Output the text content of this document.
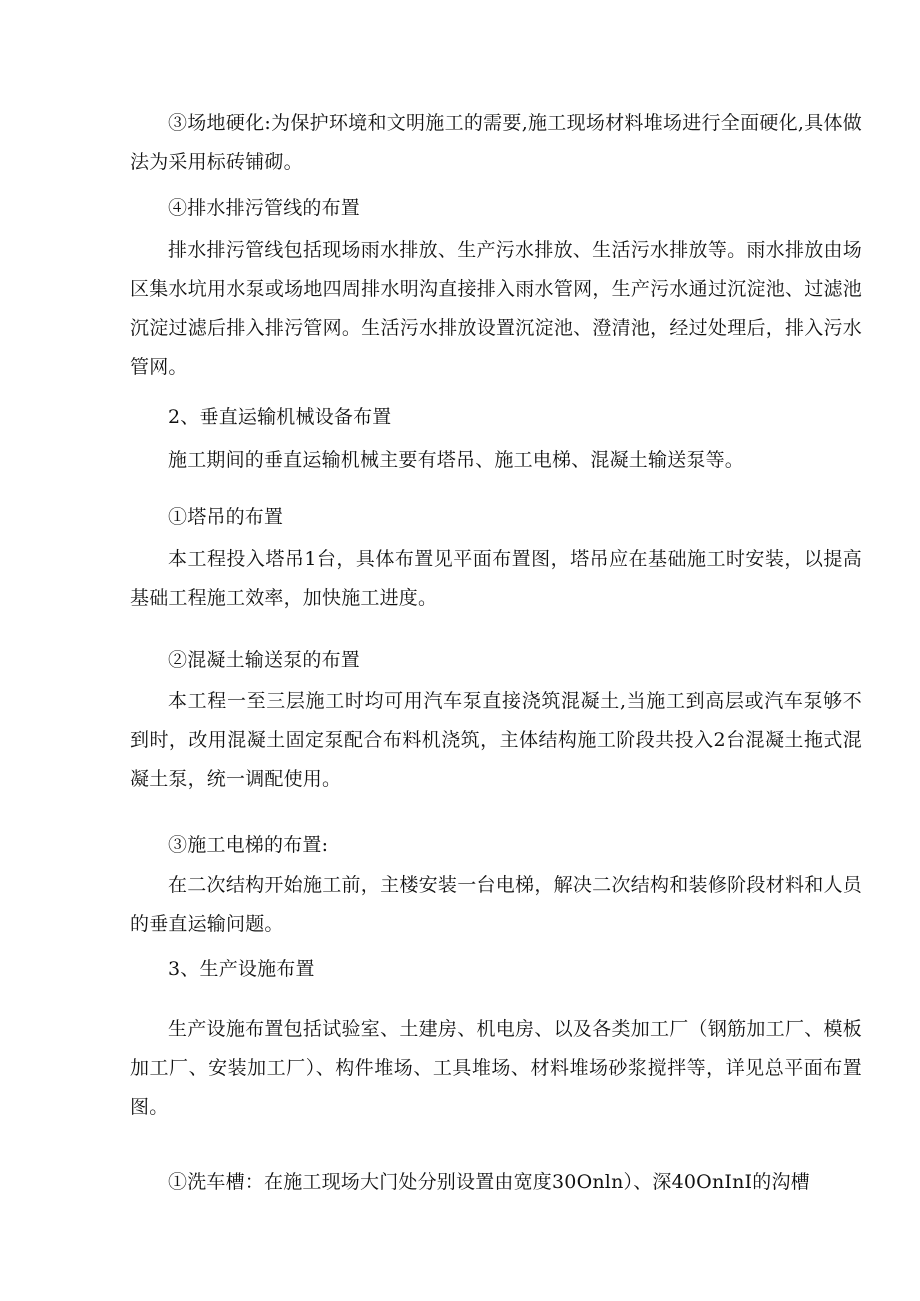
③场地硬化:为保护环境和文明施工的需要,施工现场材料堆场进行全面硬化,具体做法为采用标砖铺砌。

④排水排污管线的布置

排水排污管线包括现场雨水排放、生产污水排放、生活污水排放等。雨水排放由场区集水坑用水泵或场地四周排水明沟直接排入雨水管网，生产污水通过沉淀池、过滤池沉淀过滤后排入排污管网。生活污水排放设置沉淀池、澄清池，经过处理后，排入污水管网。

2、垂直运输机械设备布置

施工期间的垂直运输机械主要有塔吊、施工电梯、混凝土输送泵等。

①塔吊的布置

本工程投入塔吊1台，具体布置见平面布置图，塔吊应在基础施工时安装，以提高基础工程施工效率，加快施工进度。

②混凝土输送泵的布置

本工程一至三层施工时均可用汽车泵直接浇筑混凝土,当施工到高层或汽车泵够不到时，改用混凝土固定泵配合布料机浇筑，主体结构施工阶段共投入2台混凝土拖式混凝土泵，统一调配使用。

③施工电梯的布置:

在二次结构开始施工前，主楼安装一台电梯，解决二次结构和装修阶段材料和人员的垂直运输问题。

3、生产设施布置

生产设施布置包括试验室、土建房、机电房、以及各类加工厂（钢筋加工厂、模板加工厂、安装加工厂）、构件堆场、工具堆场、材料堆场砂浆搅拌等，详见总平面布置图。

①洗车槽：在施工现场大门处分别设置由宽度30Onln）、深40OnInI的沟槽
